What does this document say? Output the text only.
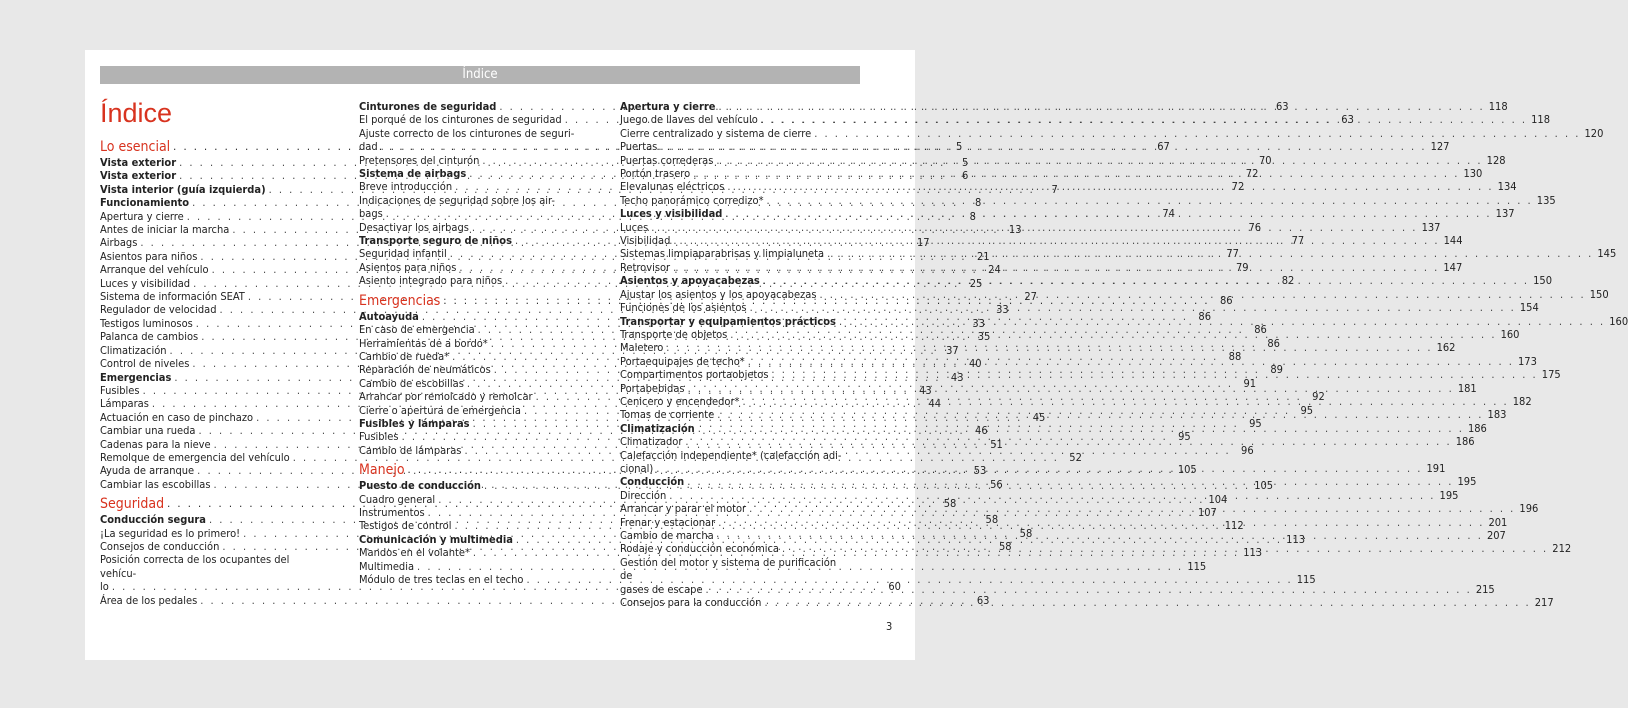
Índice
Índice
Lo esencial . . .	5
Vista exterior . . .	5
Vista exterior . . .	6
Vista interior (guía izquierda) . . .	7
Funcionamiento . . .	8
Apertura y cierre . . .	8
Antes de iniciar la marcha . . .	13
Airbags . . .	17
Asientos para niños . . .	21
Arranque del vehículo . . .	24
Luces y visibilidad . . .	25
Sistema de información SEAT . . .	27
Regulador de velocidad . . .	33
Testigos luminosos . . .	33
Palanca de cambios . . .	35
Climatización . . .	37
Control de niveles . . .	40
Emergencias . . .	43
Fusibles . . .	43
Lámparas . . .	44
Actuación en caso de pinchazo . . .	45
Cambiar una rueda . . .	46
Cadenas para la nieve . . .	51
Remolque de emergencia del vehículo . . .	52
Ayuda de arranque . . .	53
Cambiar las escobillas . . .	56
Seguridad . . .	58
Conducción segura . . .	58
¡La seguridad es lo primero! . . .	58
Consejos de conducción . . .	58
Posición correcta de los ocupantes del vehícu-
lo . . .	60
Área de los pedales . . .	63
Cinturones de seguridad . . .	63
El porqué de los cinturones de seguridad . . .	63
Ajuste correcto de los cinturones de seguri-
dad . . .	67
Pretensores del cinturón . . .	70
Sistema de airbags . . .	72
Breve introducción . . .	72
Indicaciones de seguridad sobre los air-
bags . . .	74
Desactivar los airbags . . .	76
Transporte seguro de niños . . .	77
Seguridad infantil . . .	77
Asientos para niños . . .	79
Asiento integrado para niños . . .	82
Emergencias . . .	86
Autoayuda . . .	86
En caso de emergencia . . .	86
Herramientas de a bordo* . . .	86
Cambio de rueda* . . .	88
Reparación de neumáticos . . .	89
Cambio de escobillas . . .	91
Arrancar por remolcado y remolcar . . .	92
Cierre o apertura de emergencia . . .	95
Fusibles y lámparas . . .	95
Fusibles . . .	95
Cambio de lámparas . . .	96
Manejo . . .	105
Puesto de conducción . . .	105
Cuadro general . . .	104
Instrumentos . . .	107
Testigos de control . . .	112
Comunicación y multimedia . . .	113
Mandos en el volante* . . .	113
Multimedia . . .	115
Módulo de tres teclas en el techo . . .	115
Apertura y cierre . . .	118
Juego de llaves del vehículo . . .	118
Cierre centralizado y sistema de cierre . . .	120
Puertas . . .	127
Puertas correderas . . .	128
Portón trasero . . .	130
Elevalunas eléctricos . . .	134
Techo panorámico corredizo* . . .	135
Luces y visibilidad . . .	137
Luces . . .	137
Visibilidad . . .	144
Sistemas limpiaparabrisas y limpialuneta . . .	145
Retrovisor . . .	147
Asientos y apoyacabezas . . .	150
Ajustar los asientos y los apoyacabezas . . .	150
Funciones de los asientos . . .	154
Transportar y equipamientos prácticos . . .	160
Transporte de objetos . . .	160
Maletero . . .	162
Portaequipajes de techo* . . .	173
Compartimentos portaobjetos . . .	175
Portabebidas . . .	181
Cenicero y encendedor* . . .	182
Tomas de corriente . . .	183
Climatización . . .	186
Climatizador . . .	186
Calefacción independiente* (calefacción adi-
cional) . . .	191
Conducción . . .	195
Dirección . . .	195
Arrancar y parar el motor . . .	196
Frenar y estacionar . . .	201
Cambio de marcha . . .	207
Rodaje y conducción económica . . .	212
Gestión del motor y sistema de purificación de
gases de escape . . .	215
Consejos para la conducción . . .	217
3
